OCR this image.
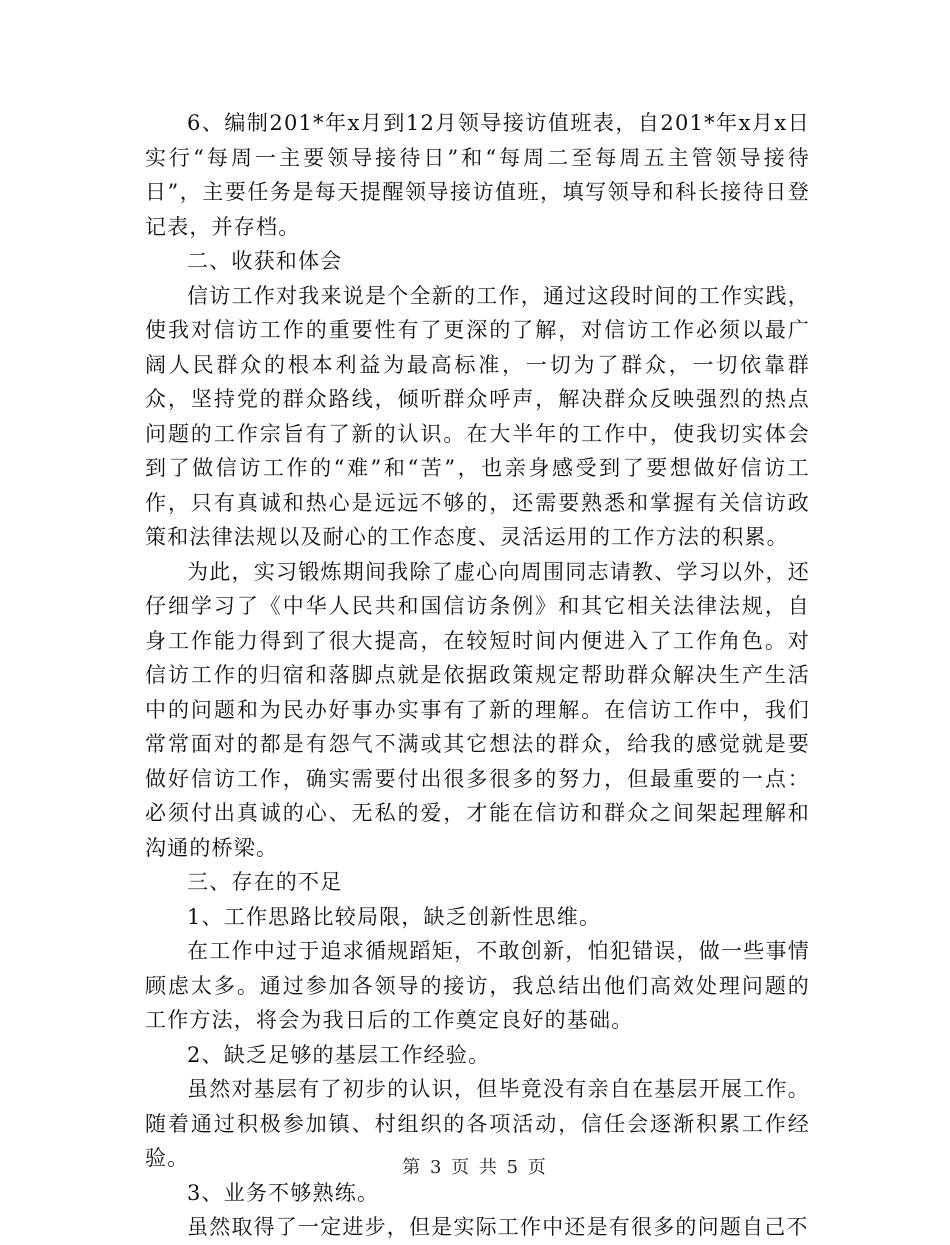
6、编制201*年x月到12月领导接访值班表，自201*年x月x日实行“每周一主要领导接待日”和“每周二至每周五主管领导接待日”，主要任务是每天提醒领导接访值班，填写领导和科长接待日登记表，并存档。

二、收获和体会

信访工作对我来说是个全新的工作，通过这段时间的工作实践，使我对信访工作的重要性有了更深的了解，对信访工作必须以最广阔人民群众的根本利益为最高标准，一切为了群众，一切依靠群众，坚持党的群众路线，倾听群众呼声，解决群众反映强烈的热点问题的工作宗旨有了新的认识。在大半年的工作中，使我切实体会到了做信访工作的“难”和“苦”，也亲身感受到了要想做好信访工作，只有真诚和热心是远远不够的，还需要熟悉和掌握有关信访政策和法律法规以及耐心的工作态度、灵活运用的工作方法的积累。

为此，实习锻炼期间我除了虚心向周围同志请教、学习以外，还仔细学习了《中华人民共和国信访条例》和其它相关法律法规，自身工作能力得到了很大提高，在较短时间内便进入了工作角色。对信访工作的归宿和落脚点就是依据政策规定帮助群众解决生产生活中的问题和为民办好事办实事有了新的理解。在信访工作中，我们常常面对的都是有怨气不满或其它想法的群众，给我的感觉就是要做好信访工作，确实需要付出很多很多的努力，但最重要的一点：必须付出真诚的心、无私的爱，才能在信访和群众之间架起理解和沟通的桥梁。

三、存在的不足

1、工作思路比较局限，缺乏创新性思维。

在工作中过于追求循规蹈矩，不敢创新，怕犯错误，做一些事情顾虑太多。通过参加各领导的接访，我总结出他们高效处理问题的工作方法，将会为我日后的工作奠定良好的基础。

2、缺乏足够的基层工作经验。

虽然对基层有了初步的认识，但毕竟没有亲自在基层开展工作。随着通过积极参加镇、村组织的各项活动，信任会逐渐积累工作经验。

3、业务不够熟练。

虽然取得了一定进步，但是实际工作中还是有很多的问题自己不

第 3 页 共 5 页
